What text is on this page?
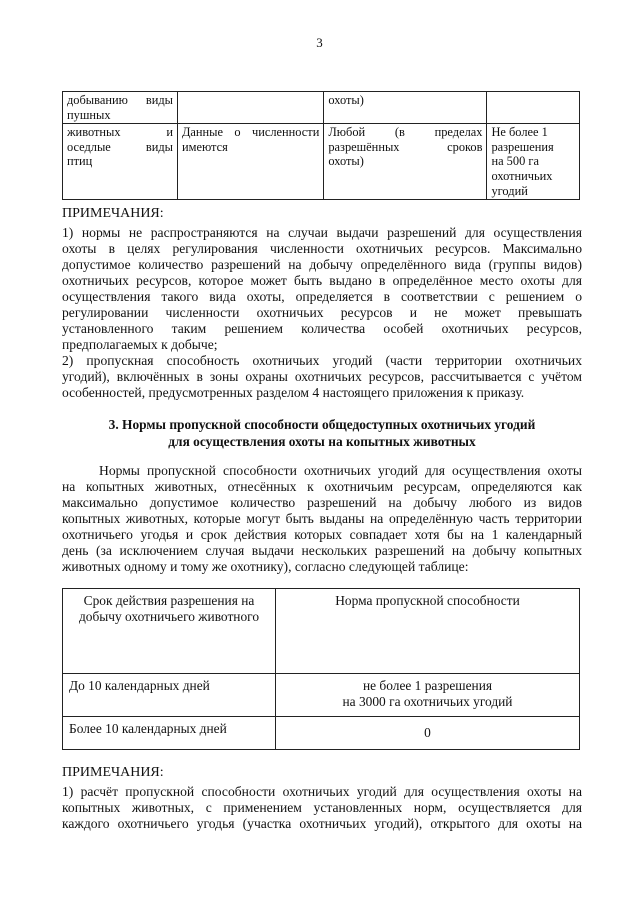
3
добыванию виды
пушных		охоты)	

животных и
оседлые виды
птиц	Данные о численности имеются	Любой (в пределах
разрешённых сроков
охоты)	Не более 1
разрешения
на 500 га
охотничьих
угодий
ПРИМЕЧАНИЯ:

1) нормы не распространяются на случаи выдачи разрешений для осуществления
охоты в целях регулирования численности охотничьих ресурсов. Максимально
допустимое количество разрешений на добычу определённого вида (группы видов)
охотничьих ресурсов, которое может быть выдано в определённое место охоты для
осуществления такого вида охоты, определяется в соответствии с решением о
регулировании численности охотничьих ресурсов и не может превышать
установленного таким решением количества особей охотничьих ресурсов,
предполагаемых к добыче;

2) пропускная способность охотничьих угодий (части территории охотничьих
угодий), включённых в зоны охраны охотничьих ресурсов, рассчитывается с учётом
особенностей, предусмотренных разделом 4 настоящего приложения к приказу.

3. Нормы пропускной способности общедоступных охотничьих угодий
для осуществления охоты на копытных животных
Нормы пропускной способности охотничьих угодий для осуществления охоты
на копытных животных, отнесённых к охотничьим ресурсам, определяются как
максимально допустимое количество разрешений на добычу любого из видов
копытных животных, которые могут быть выданы на определённую часть территории
охотничьего угодья и срок действия которых совпадает хотя бы на 1 календарный
день (за исключением случая выдачи нескольких разрешений на добычу копытных
животных одному и тому же охотнику), согласно следующей таблице:
Срок действия разрешения на
добычу охотничьего животного	Норма пропускной способности
До 10 календарных дней	не более 1 разрешения
на 3000 га охотничьих угодий

Более 10 календарных дней	0
ПРИМЕЧАНИЯ:
1) расчёт пропускной способности охотничьих угодий для осуществления охоты на
копытных животных, с применением установленных норм, осуществляется для
каждого охотничьего угодья (участка охотничьих угодий), открытого для охоты на
